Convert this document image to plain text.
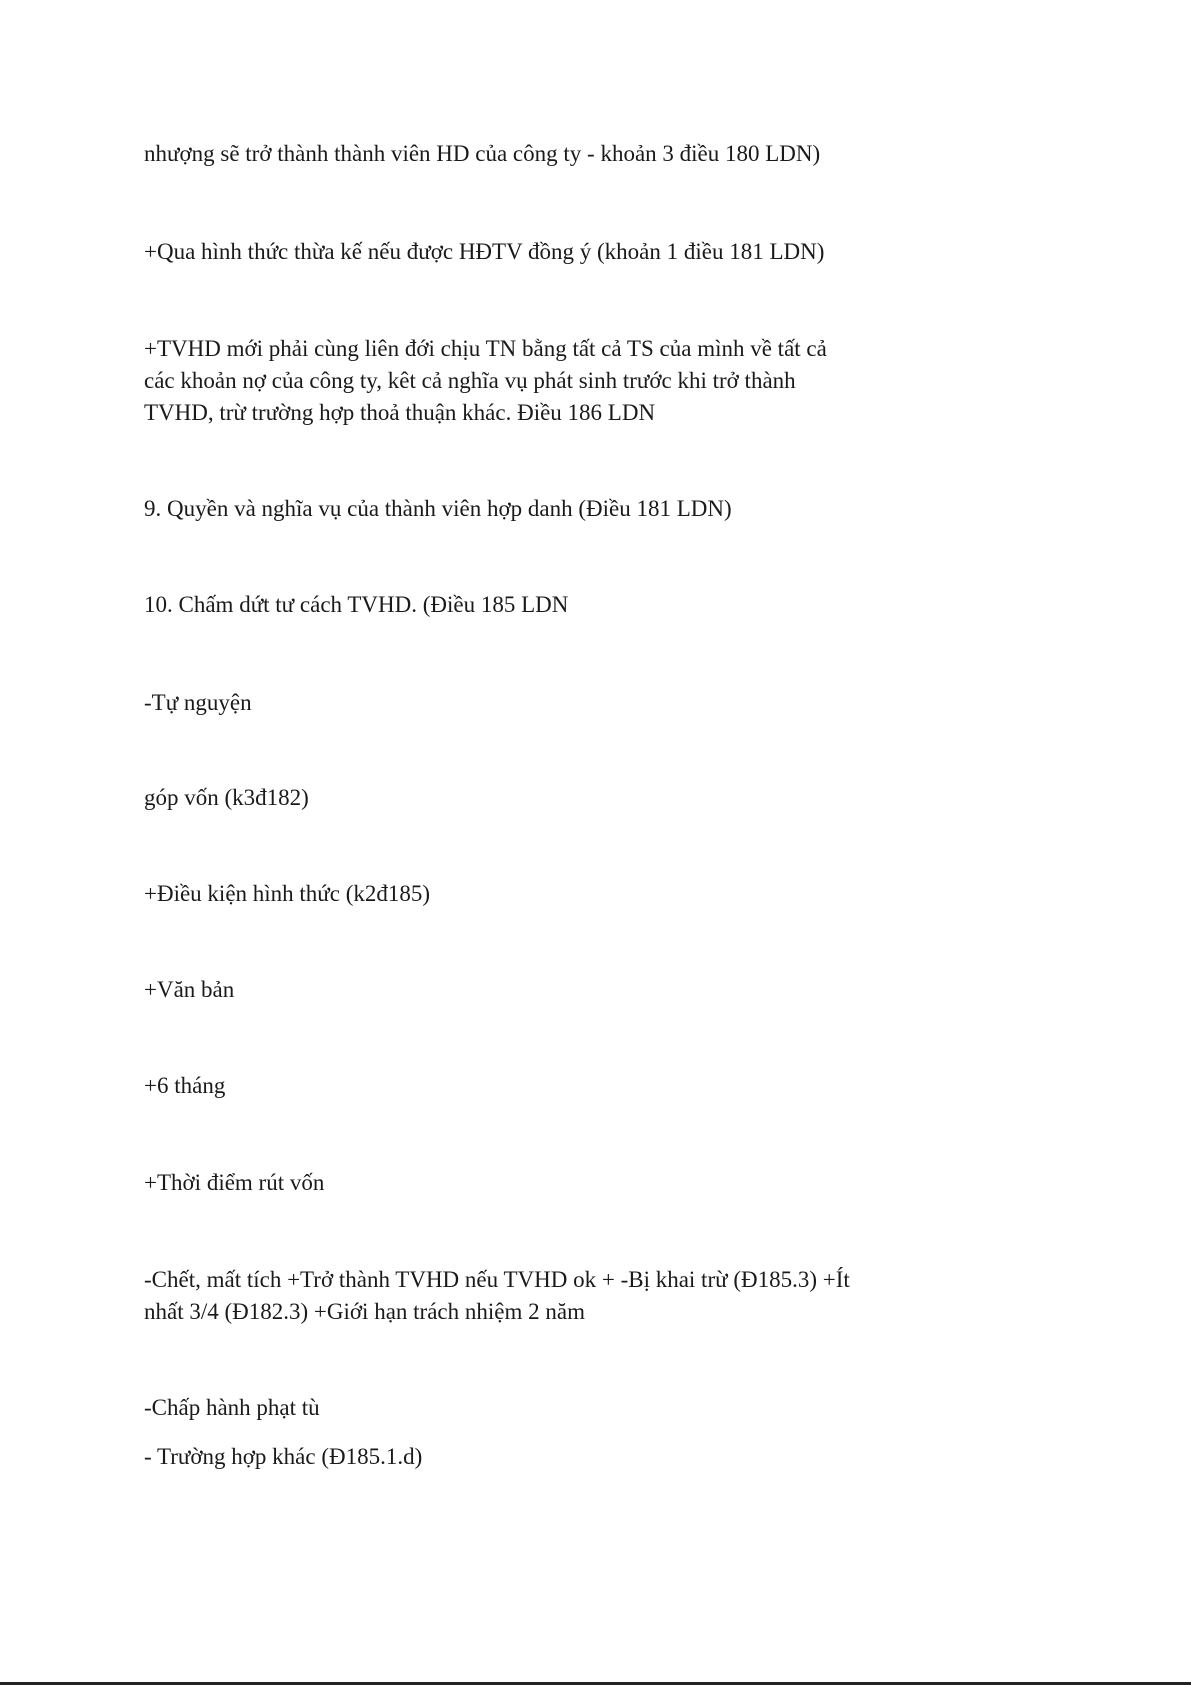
nhượng sẽ trở thành thành viên HD của công ty - khoản 3 điều 180 LDN)

+Qua hình thức thừa kế nếu được HĐTV đồng ý (khoản 1 điều 181 LDN)

+TVHD mới phải cùng liên đới chịu TN bằng tất cả TS của mình về tất cả
các khoản nợ của công ty, kêt cả nghĩa vụ phát sinh trước khi trở thành
TVHD, trừ trường hợp thoả thuận khác. Điều 186 LDN

9. Quyền và nghĩa vụ của thành viên hợp danh (Điều 181 LDN)

10. Chấm dứt tư cách TVHD. (Điều 185 LDN

-Tự nguyện

góp vốn (k3đ182)

+Điều kiện hình thức (k2đ185)

+Văn bản

+6 tháng

+Thời điểm rút vốn

-Chết, mất tích +Trở thành TVHD nếu TVHD ok + -Bị khai trừ (Đ185.3) +Ít
nhất 3/4 (Đ182.3) +Giới hạn trách nhiệm 2 năm

-Chấp hành phạt tù

- Trường hợp khác (Đ185.1.d)
